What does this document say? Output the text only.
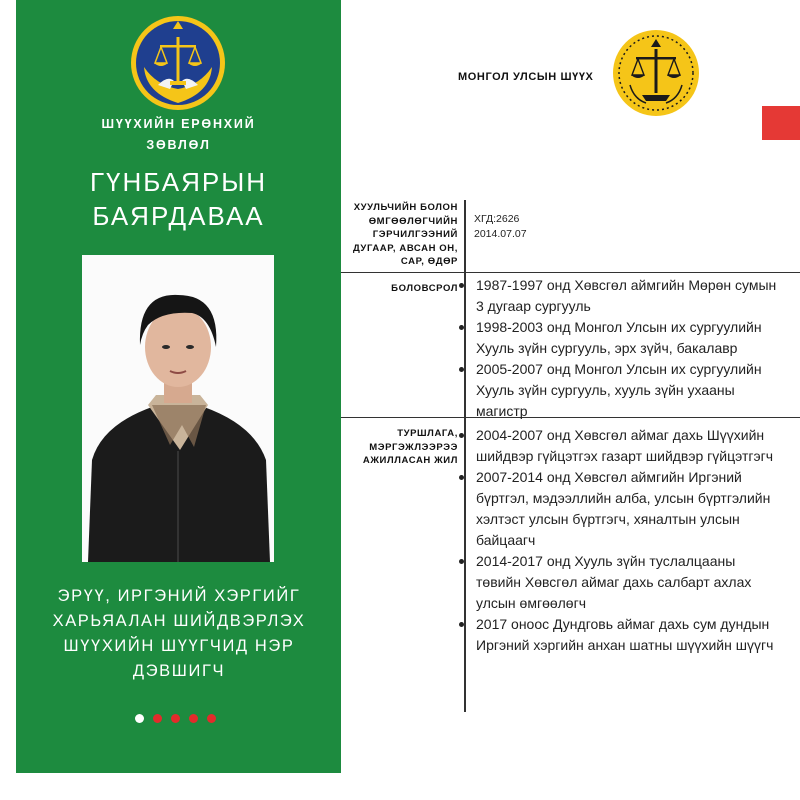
ШҮҮХИЙН ЕРӨНХИЙ ЗӨВЛӨЛ
ГҮНБАЯРЫН БАЯРДАВАА
ЭРҮҮ, ИРГЭНИЙ ХЭРГИЙГ ХАРЬЯАЛАН ШИЙДВЭРЛЭХ ШҮҮХИЙН ШҮҮГЧИД НЭР ДЭВШИГЧ
МОНГОЛ УЛСЫН ШҮҮХ
ХУУЛЬЧИЙН БОЛОН ӨМГӨӨЛӨГЧИЙН ГЭРЧИЛГЭЭНИЙ ДУГААР, АВСАН ОН, САР, ӨДӨР
ХГД:2626
2014.07.07
БОЛОВСРОЛ 1987-1997 онд Хөвсгөл аймгийн Мөрөн сумын 3 дугаар сургууль
1998-2003 онд Монгол Улсын их сургуулийн Хууль зүйн сургууль, эрх зүйч, бакалавр
2005-2007 онд Монгол Улсын их сургуулийн Хууль зүйн сургууль, хууль зүйн ухааны магистр
ТУРШЛАГА, МЭРГЭЖЛЭЭРЭЭ АЖИЛЛАСАН ЖИЛ
2004-2007 онд Хөвсгөл аймаг дахь Шүүхийн шийдвэр гүйцэтгэх газарт шийдвэр гүйцэтгэгч
2007-2014 онд Хөвсгөл аймгийн Иргэний бүртгэл, мэдээллийн алба, улсын бүртгэлийн хэлтэст улсын бүртгэгч, хяналтын улсын байцаагч
2014-2017 онд Хууль зүйн туслалцааны төвийн Хөвсгөл аймаг дахь салбарт ахлах улсын өмгөөлөгч
2017 оноос Дундговь аймаг дахь сум дундын Иргэний хэргийн анхан шатны шүүхийн шүүгч
